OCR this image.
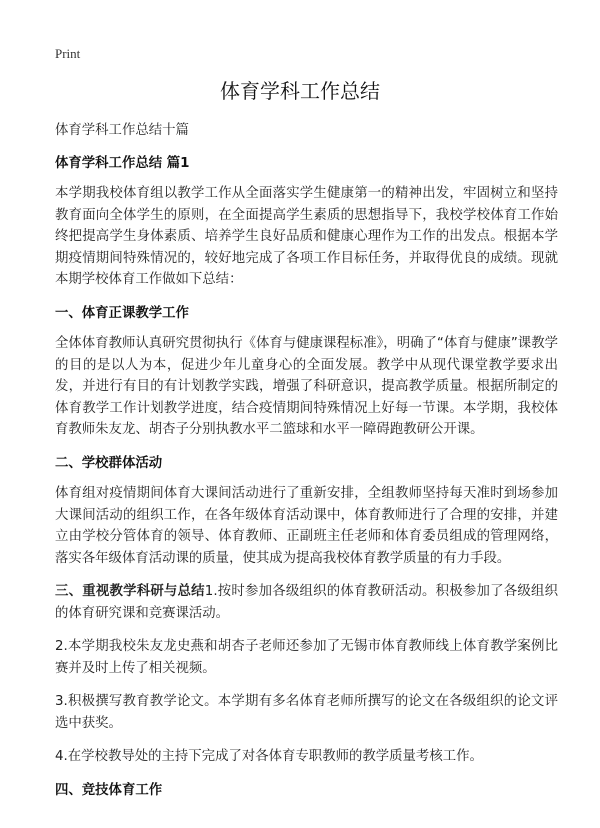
Print
体育学科工作总结

体育学科工作总结十篇

体育学科工作总结 篇1

本学期我校体育组以教学工作从全面落实学生健康第一的精神出发，牢固树立和坚持教育面向全体学生的原则，在全面提高学生素质的思想指导下，我校学校体育工作始终把提高学生身体素质、培养学生良好品质和健康心理作为工作的出发点。根据本学期疫情期间特殊情况的，较好地完成了各项工作目标任务，并取得优良的成绩。现就本期学校体育工作做如下总结：

一、体育正课教学工作

全体体育教师认真研究贯彻执行《体育与健康课程标准》，明确了“体育与健康”课教学的目的是以人为本，促进少年儿童身心的全面发展。教学中从现代课堂教学要求出发，并进行有目的有计划教学实践，增强了科研意识，提高教学质量。根据所制定的体育教学工作计划教学进度，结合疫情期间特殊情况上好每一节课。本学期，我校体育教师朱友龙、胡杏子分别执教水平二篮球和水平一障碍跑教研公开课。

二、学校群体活动

体育组对疫情期间体育大课间活动进行了重新安排，全组教师坚持每天准时到场参加大课间活动的组织工作，在各年级体育活动课中，体育教师进行了合理的安排，并建立由学校分管体育的领导、体育教师、正副班主任老师和体育委员组成的管理网络，落实各年级体育活动课的质量，使其成为提高我校体育教学质量的有力手段。

三、重视教学科研与总结1.按时参加各级组织的体育教研活动。积极参加了各级组织的体育研究课和竞赛课活动。

2.本学期我校朱友龙史燕和胡杏子老师还参加了无锡市体育教师线上体育教学案例比赛并及时上传了相关视频。

3.积极撰写教育教学论文。本学期有多名体育老师所撰写的论文在各级组织的论文评选中获奖。

4.在学校教导处的主持下完成了对各体育专职教师的教学质量考核工作。

四、竞技体育工作
